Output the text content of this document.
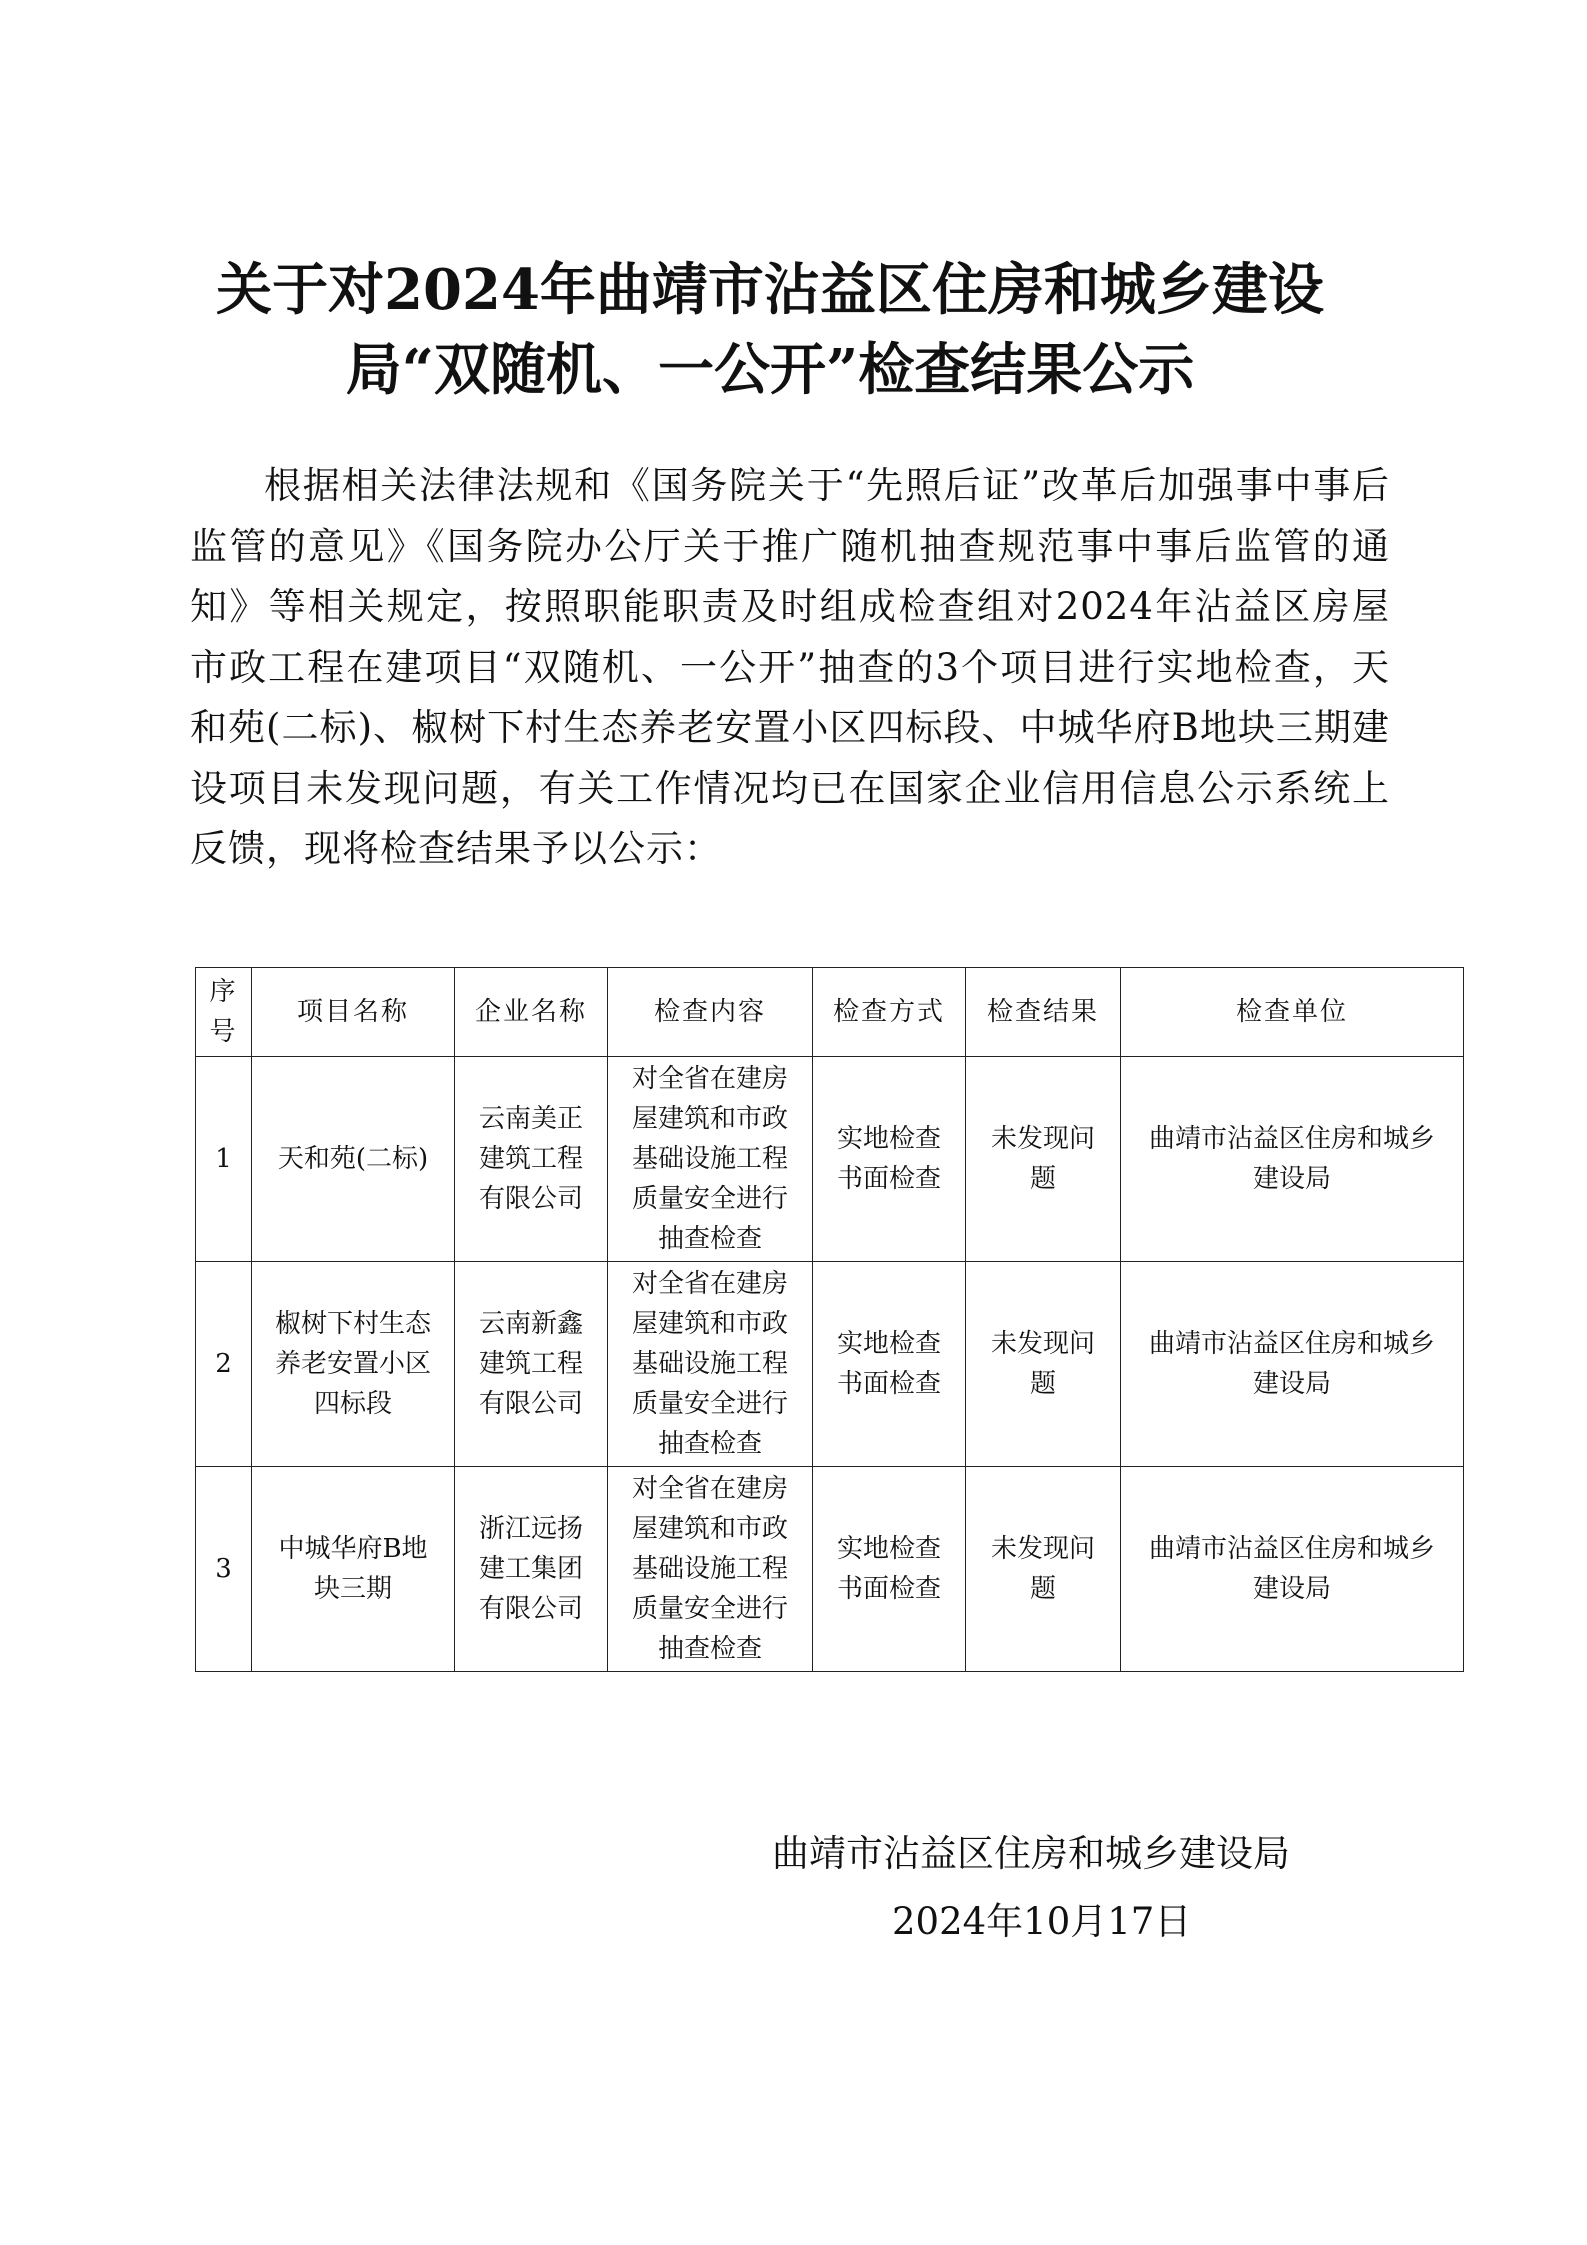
关于对2024年曲靖市沾益区住房和城乡建设
局“双随机、一公开”检查结果公示

根据相关法律法规和《国务院关于“先照后证”改革后加强事中事后监管的意见》《国务院办公厅关于推广随机抽查规范事中事后监管的通知》等相关规定，按照职能职责及时组成检查组对2024年沾益区房屋市政工程在建项目“双随机、一公开”抽查的3个项目进行实地检查，天和苑(二标)、椒树下村生态养老安置小区四标段、中城华府B地块三期建设项目未发现问题，有关工作情况均已在国家企业信用信息公示系统上反馈，现将检查结果予以公示：

序
号	项目名称	企业名称	检查内容	检查方式	检查结果	检查单位
1	天和苑(二标)	云南美正
建筑工程
有限公司	对全省在建房
屋建筑和市政
基础设施工程
质量安全进行
抽查检查	实地检查
书面检查	未发现问
题	曲靖市沾益区住房和城乡
建设局
2	椒树下村生态
养老安置小区
四标段	云南新鑫
建筑工程
有限公司	对全省在建房
屋建筑和市政
基础设施工程
质量安全进行
抽查检查	实地检查
书面检查	未发现问
题	曲靖市沾益区住房和城乡
建设局
3	中城华府B地
块三期	浙江远扬
建工集团
有限公司	对全省在建房
屋建筑和市政
基础设施工程
质量安全进行
抽查检查	实地检查
书面检查	未发现问
题	曲靖市沾益区住房和城乡
建设局
曲靖市沾益区住房和城乡建设局
2024年10月17日
